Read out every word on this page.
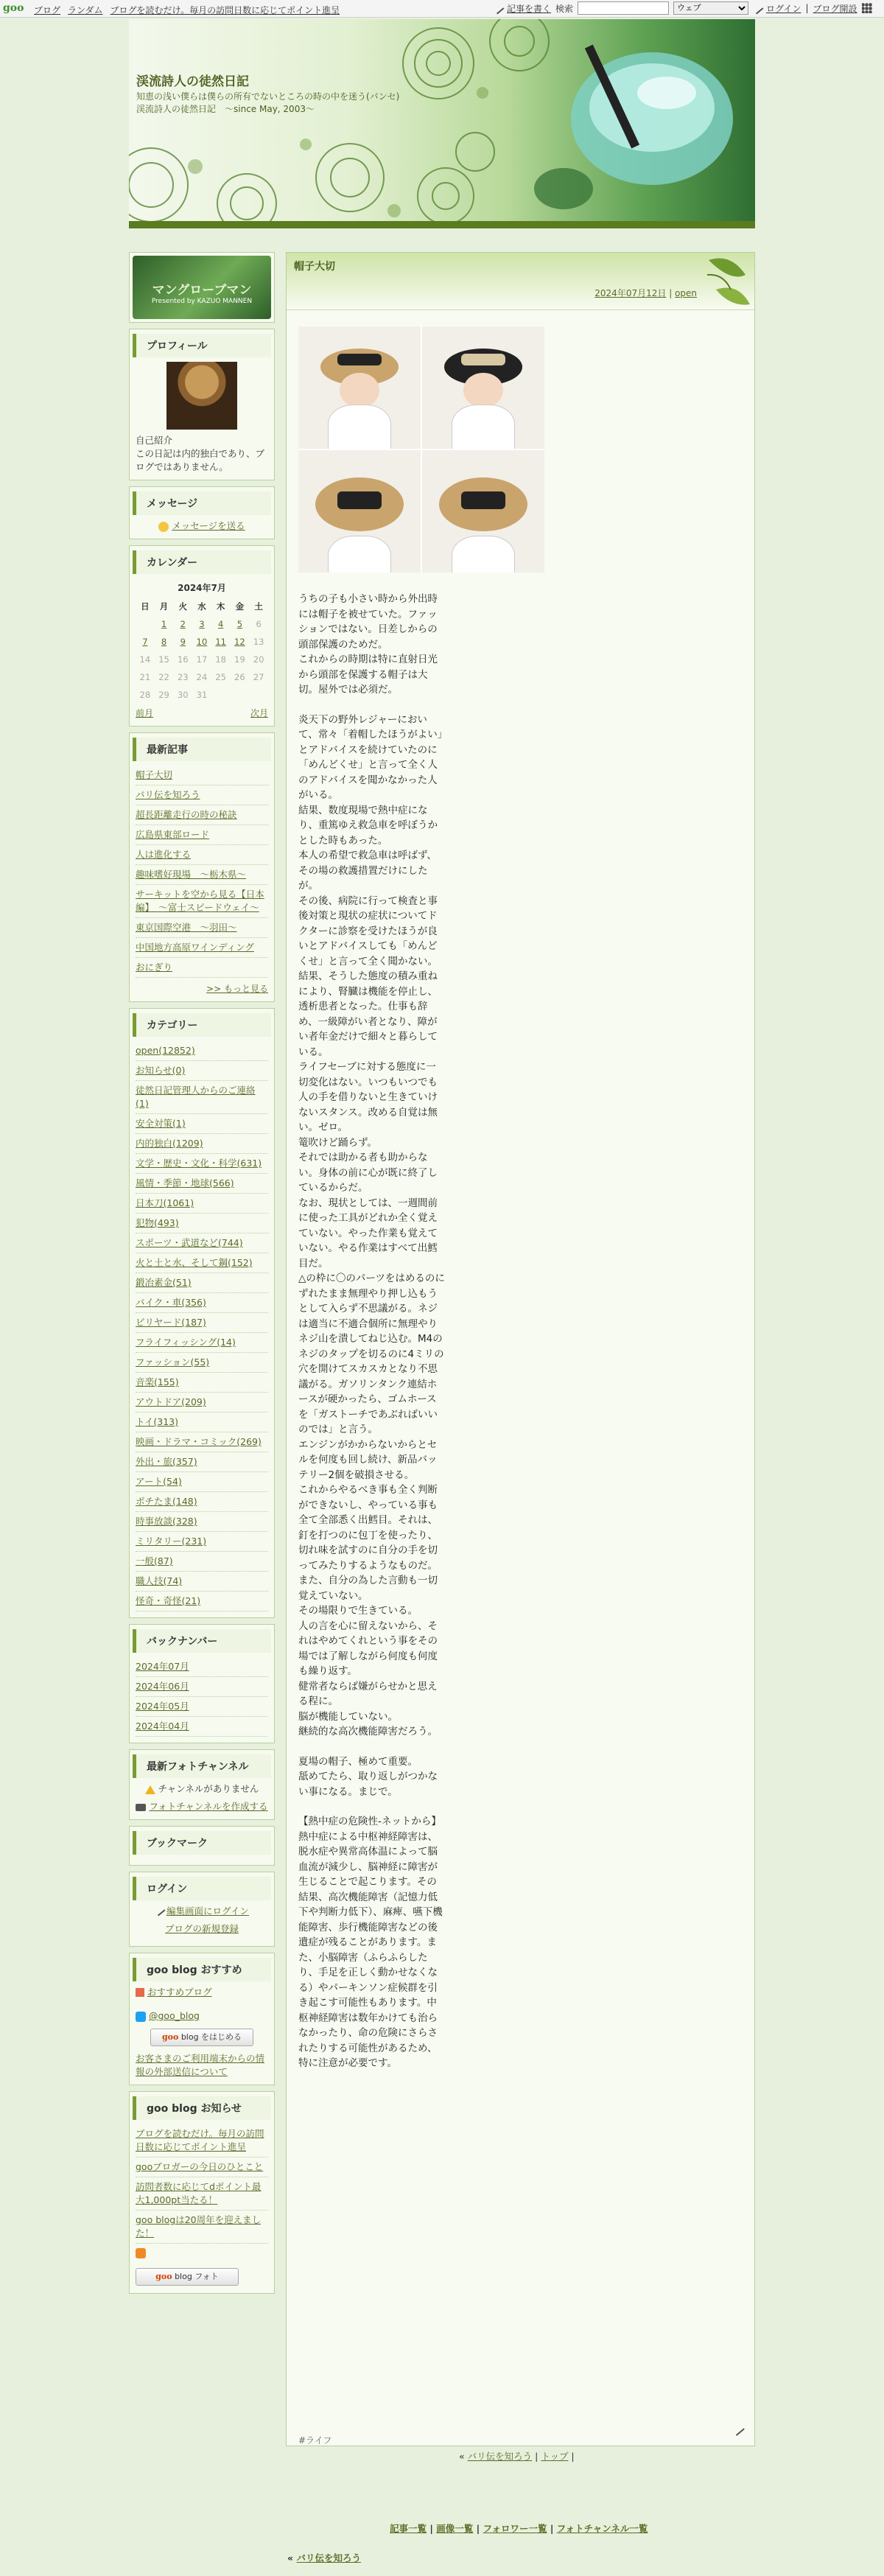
goo ブログ ランダム ブログを読むだけ。毎月の訪問日数に応じてポイント進呈	記事を書く 検索
ウェブ	ログイン | ブログ開設
渓流詩人の徒然日記
知恵の浅い僕らは僕らの所有でないところの時の中を迷う(パンセ)　渓流詩人の徒然日記　～since May, 2003～
マングローブマン
Presented by KAZUO MANNEN
プロフィール
自己紹介
この日記は内的独白であり、ブログではありません。
メッセージ
メッセージを送る
カレンダー
2024年7月
日	月	火	水	木	金	土
	1	2	3	4	5	6
7	8	9	10	11	12	13
14	15	16	17	18	19	20
21	22	23	24	25	26	27
28	29	30	31			
前月	次月
最新記事
帽子大切
バリ伝を知ろう
超長距離走行の時の秘訣
広島県東部ロード
人は進化する
趣味嗜好現場　～栃木県～
サーキットを空から見る【日本編】　～富士スピードウェイ～
東京国際空港　～羽田～
中国地方高原ワインディング
おにぎり
>> もっと見る
カテゴリー
open(12852)
お知らせ(0)
徒然日記管理人からのご連絡(1)
安全対策(1)
内的独白(1209)
文学・歴史・文化・科学(631)
風情・季節・地球(566)
日本刀(1061)
犯物(493)
スポーツ・武道など(744)
火と土と水、そして鋼(152)
鍛冶素金(51)
バイク・車(356)
ビリヤード(187)
フライフィッシング(14)
ファッション(55)
音楽(155)
アウトドア(209)
トイ(313)
映画・ドラマ・コミック(269)
外出・旅(357)
アート(54)
ボチたま(148)
時事放談(328)
ミリタリー(231)
一般(87)
職人技(74)
怪奇・奇怪(21)
バックナンバー
2024年07月
2024年06月
2024年05月
2024年04月
最新フォトチャンネル
チャンネルがありません
フォトチャンネルを作成する
ブックマーク
ログイン
編集画面にログイン
ブログの新規登録
goo blog おすすめ
おすすめブログ
@goo_blog
goo blog をはじめる
お客さまのご利用端末からの情報の外部送信について
goo blog お知らせ
ブログを読むだけ。毎月の訪問日数に応じてポイント進呈
gooブロガーの今日のひとこと
訪問者数に応じてdポイント最大1,000pt当たる！
goo blogは20周年を迎えました！
goo blog フォト
帽子大切
2024年07月12日 | open

うちの子も小さい時から外出時には帽子を被せていた。ファッションではない。日差しからの頭部保護のためだ。
これからの時期は特に直射日光から頭部を保護する帽子は大切。屋外では必須だ。

炎天下の野外レジャーにおいて、常々「着帽したほうがよい」とアドバイスを続けていたのに「めんどくせ」と言って全く人のアドバイスを聞かなかった人がいる。
結果、数度現場で熱中症になり、重篤ゆえ救急車を呼ぼうかとした時もあった。
本人の希望で救急車は呼ばず、その場の救護措置だけにしたが。
その後、病院に行って検査と事後対策と現状の症状についてドクターに診察を受けたほうが良いとアドバイスしても「めんどくせ」と言って全く聞かない。
結果、そうした態度の積み重ねにより、腎臓は機能を停止し、透析患者となった。仕事も辞め、一級障がい者となり、障がい者年金だけで細々と暮らしている。
ライフセーブに対する態度に一切変化はない。いつもいつでも人の手を借りないと生きていけないスタンス。改める自覚は無い。ゼロ。
篭吹けど踊らず。
それでは助かる者も助からない。身体の前に心が既に終了しているからだ。
なお、現状としては、一週間前に使った工具がどれか全く覚えていない。やった作業も覚えていない。やる作業はすべて出鱈目だ。
△の枠に〇のパーツをはめるのにずれたまま無理やり押し込もうとして入らず不思議がる。ネジは適当に不適合個所に無理やりネジ山を潰してねじ込む。M4のネジのタップを切るのに4ミリの穴を開けてスカスカとなり不思議がる。ガソリンタンク連結ホースが硬かったら、ゴムホースを「ガストーチであぶればいいのでは」と言う。
エンジンがかからないからとセルを何度も回し続け、新品バッテリー2個を破損させる。
これからやるべき事も全く判断ができないし、やっている事も全て全部悉く出鱈目。それは、釘を打つのに包丁を使ったり、切れ味を試すのに自分の手を切ってみたりするようなものだ。
また、自分の為した言動も一切覚えていない。
その場限りで生きている。
人の言を心に留えないから、それはやめてくれという事をその場では了解しながら何度も何度も繰り返す。
健常者ならば嫌がらせかと思える程に。
脳が機能していない。
継続的な高次機能障害だろう。

夏場の帽子、極めて重要。
舐めてたら、取り返しがつかない事になる。まじで。

【熱中症の危険性-ネットから】
熱中症による中枢神経障害は、脱水症や異常高体温によって脳血流が減少し、脳神経に障害が生じることで起こります。その結果、高次機能障害（記憶力低下や判断力低下）、麻痺、嚥下機能障害、歩行機能障害などの後遺症が残ることがあります。また、小脳障害（ふらふらしたり、手足を正しく動かせなくなる）やパーキンソン症候群を引き起こす可能性もあります。中枢神経障害は数年かけても治らなかったり、命の危険にさらされたりする可能性があるため、特に注意が必要です。

#ライフ
« バリ伝を知ろう | トップ |
記事一覧 | 画像一覧 | フォロワー一覧 | フォトチャンネル一覧
« バリ伝を知ろう
